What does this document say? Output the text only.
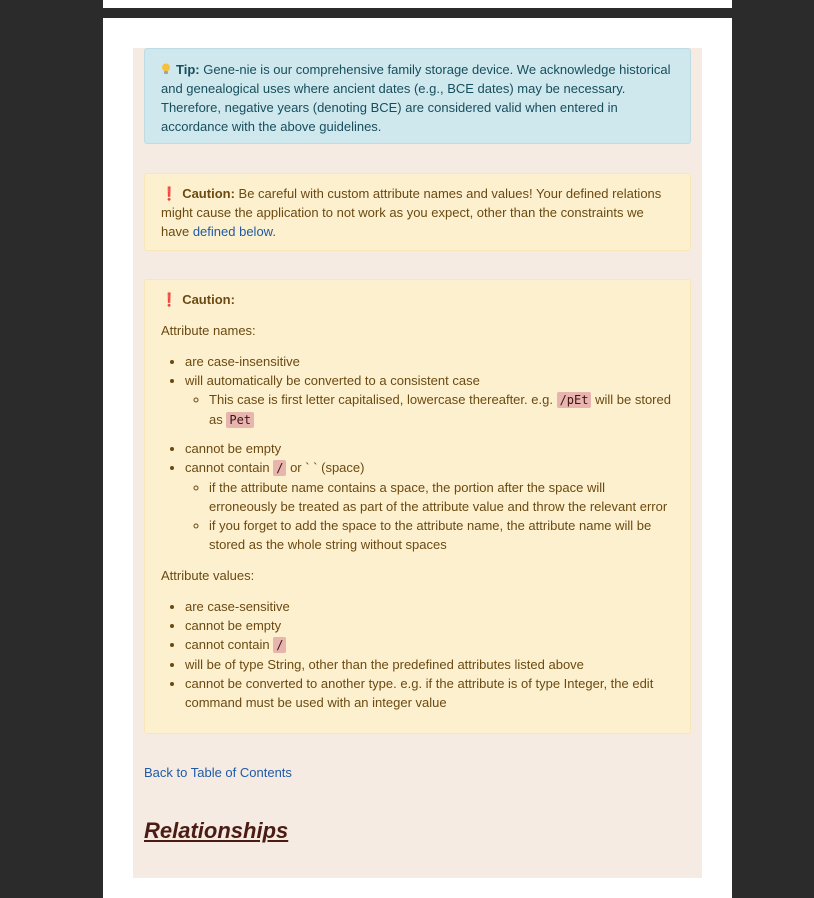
Tip: Gene-nie is our comprehensive family storage device. We acknowledge historical and genealogical uses where ancient dates (e.g., BCE dates) may be necessary. Therefore, negative years (denoting BCE) are considered valid when entered in accordance with the above guidelines.

❗ Caution: Be careful with custom attribute names and values! Your defined relations might cause the application to not work as you expect, other than the constraints we have defined below.

❗ Caution:

Attribute names:

• are case-insensitive
• will automatically be converted to a consistent case
◦ This case is first letter capitalised, lowercase thereafter. e.g. /pEt will be stored as Pet
• cannot be empty
• cannot contain / or ` ` (space)
◦ if the attribute name contains a space, the portion after the space will erroneously be treated as part of the attribute value and throw the relevant error
◦ if you forget to add the space to the attribute name, the attribute name will be stored as the whole string without spaces

Attribute values:

• are case-sensitive
• cannot be empty
• cannot contain /
• will be of type String, other than the predefined attributes listed above
• cannot be converted to another type. e.g. if the attribute is of type Integer, the edit command must be used with an integer value
Back to Table of Contents
Relationships
